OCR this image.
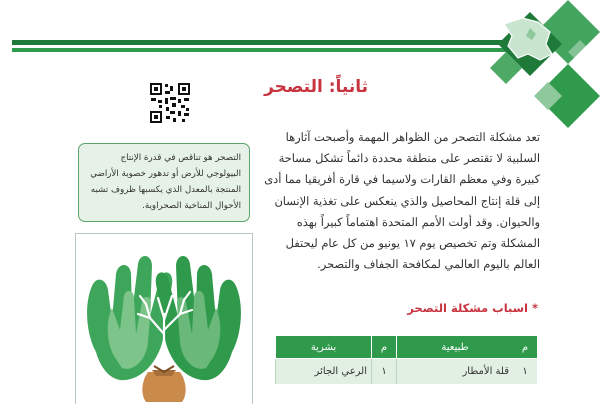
ثانياً: التصحر
تعد مشكلة التصحر من الظواهر المهمة وأصبحت آثارها السلبية لا تقتصر على منطقة محددة دائماً تشكل مساحة كبيرة وفي معظم القارات ولاسيما في قارة أفريقيا مما أدى إلى قلة إنتاج المحاصيل والذي ينعكس على تغذية الإنسان والحيوان. وقد أولت الأمم المتحدة اهتماماً كبيراً بهذه المشكلة وتم تخصيص يوم ١٧ يونيو من كل عام ليحتفل العالم باليوم العالمي لمكافحة الجفاف والتصحر.
التصحر هو تناقص في قدرة الإنتاج البيولوجي للأرض أو تدهور خصوبة الأراضي المنتجة بالمعدل الذي يكسبها ظروف تشبه الأحوال المناخية الصحراوية.
* اسباب مشكلة التصحر
م	طبيعية	م	بشرية
١	قلة الأمطار	١	الرعي الجائر
